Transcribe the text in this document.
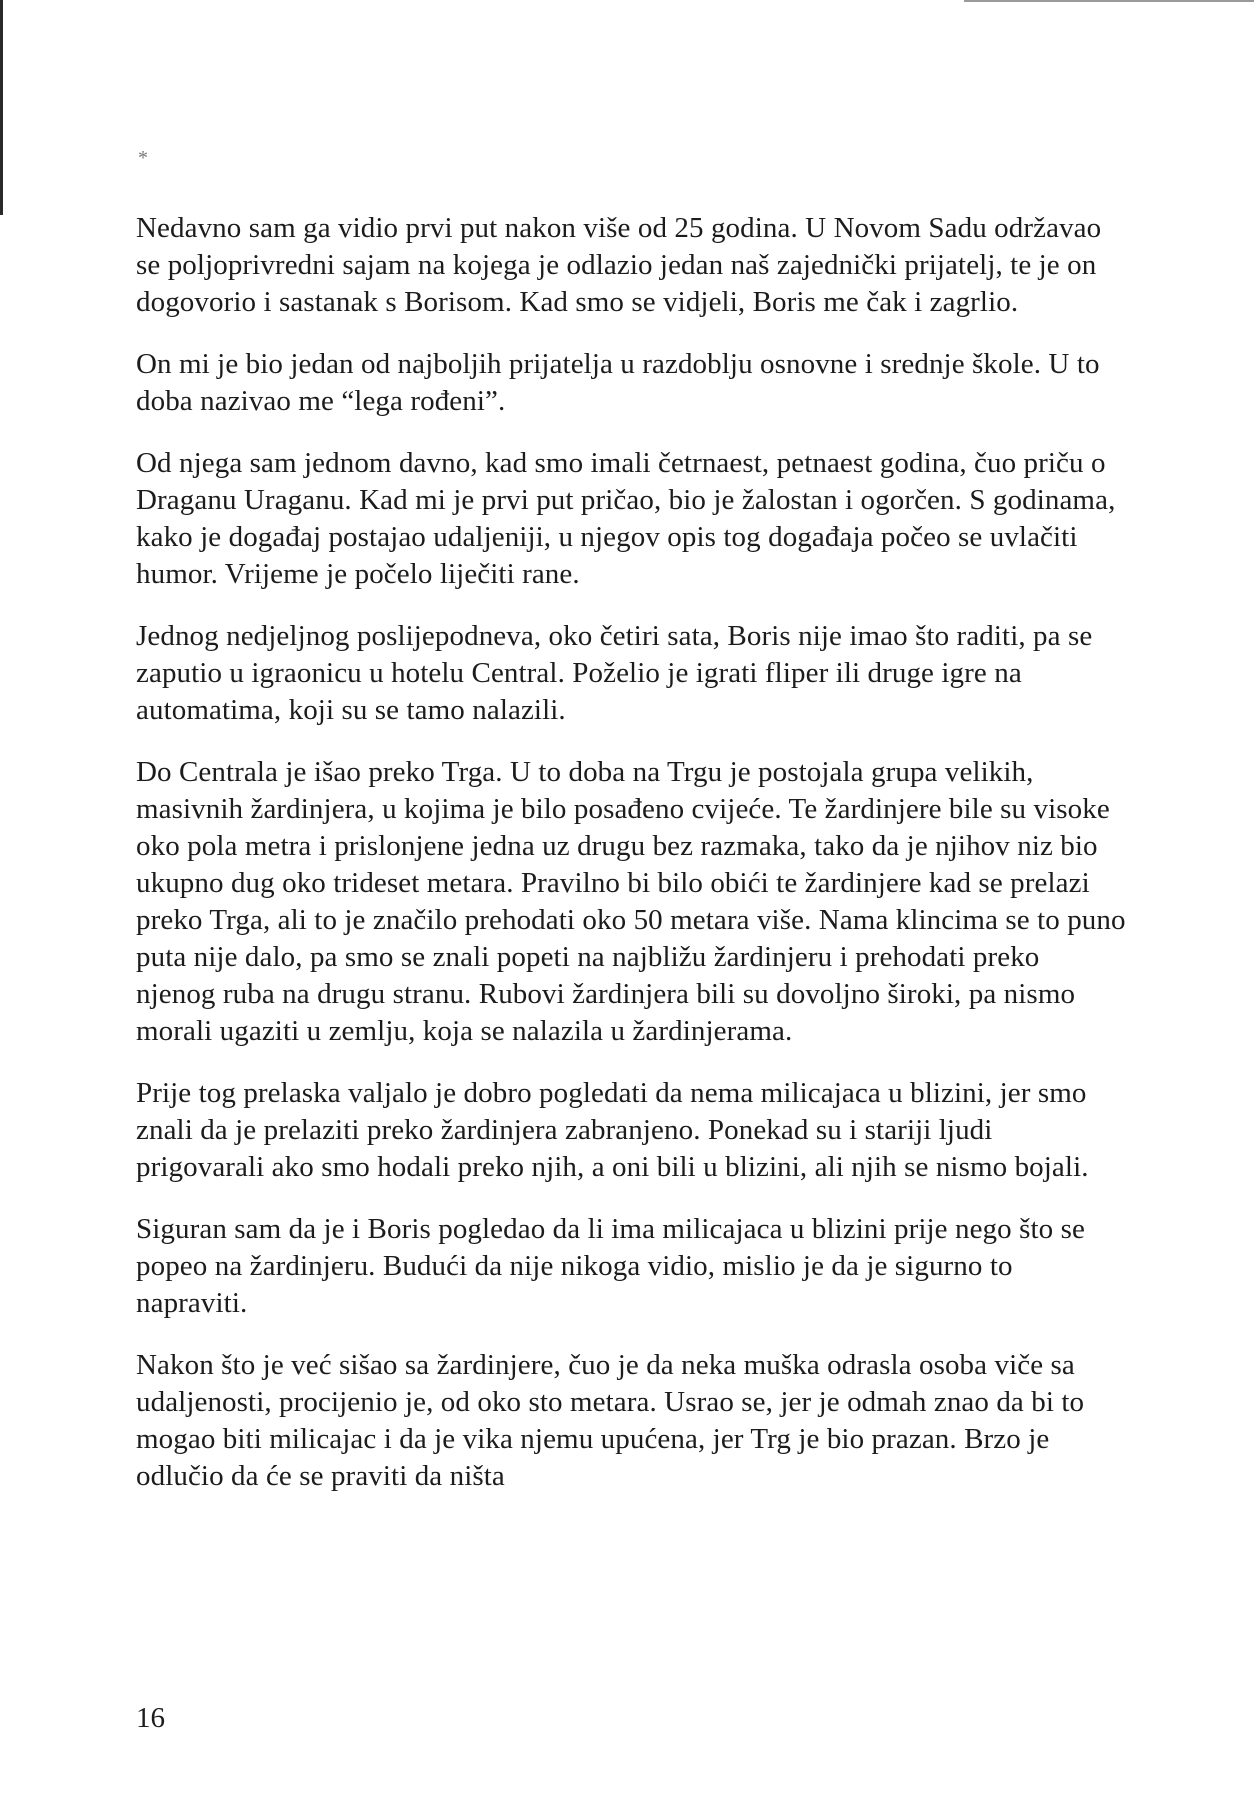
*

Nedavno sam ga vidio prvi put nakon više od 25 godina. U Novom Sadu održavao se poljoprivredni sajam na kojega je odlazio jedan naš zajednički prijatelj, te je on dogovorio i sastanak s Borisom. Kad smo se vidjeli, Boris me čak i zagrlio.

On mi je bio jedan od najboljih prijatelja u razdoblju osnovne i srednje škole. U to doba nazivao me “lega rođeni”.

Od njega sam jednom davno, kad smo imali četrnaest, petnaest godina, čuo priču o Draganu Uraganu. Kad mi je prvi put pričao, bio je žalostan i ogorčen. S godinama, kako je događaj postajao udaljeniji, u njegov opis tog događaja počeo se uvlačiti humor. Vrijeme je počelo liječiti rane.

Jednog nedjeljnog poslijepodneva, oko četiri sata, Boris nije imao što raditi, pa se zaputio u igraonicu u hotelu Central. Poželio je igrati fliper ili druge igre na automatima, koji su se tamo nalazili.

Do Centrala je išao preko Trga. U to doba na Trgu je postojala grupa velikih, masivnih žardinjera, u kojima je bilo posađeno cvijeće. Te žardinjere bile su visoke oko pola metra i prislonjene jedna uz drugu bez razmaka, tako da je njihov niz bio ukupno dug oko trideset metara. Pravilno bi bilo obići te žardinjere kad se prelazi preko Trga, ali to je značilo prehodati oko 50 metara više. Nama klincima se to puno puta nije dalo, pa smo se znali popeti na najbližu žardinjeru i prehodati preko njenog ruba na drugu stranu. Rubovi žardinjera bili su dovoljno široki, pa nismo morali ugaziti u zemlju, koja se nalazila u žardinjerama.

Prije tog prelaska valjalo je dobro pogledati da nema milicajaca u blizini, jer smo znali da je prelaziti preko žardinjera zabranjeno. Ponekad su i stariji ljudi prigovarali ako smo hodali preko njih, a oni bili u blizini, ali njih se nismo bojali.

Siguran sam da je i Boris pogledao da li ima milicajaca u blizini prije nego što se popeo na žardinjeru. Budući da nije nikoga vidio, mislio je da je sigurno to napraviti.

Nakon što je već sišao sa žardinjere, čuo je da neka muška odrasla osoba viče sa udaljenosti, procijenio je, od oko sto metara. Usrao se, jer je odmah znao da bi to mogao biti milicajac i da je vika njemu upućena, jer Trg je bio prazan. Brzo je odlučio da će se praviti da ništa

16
